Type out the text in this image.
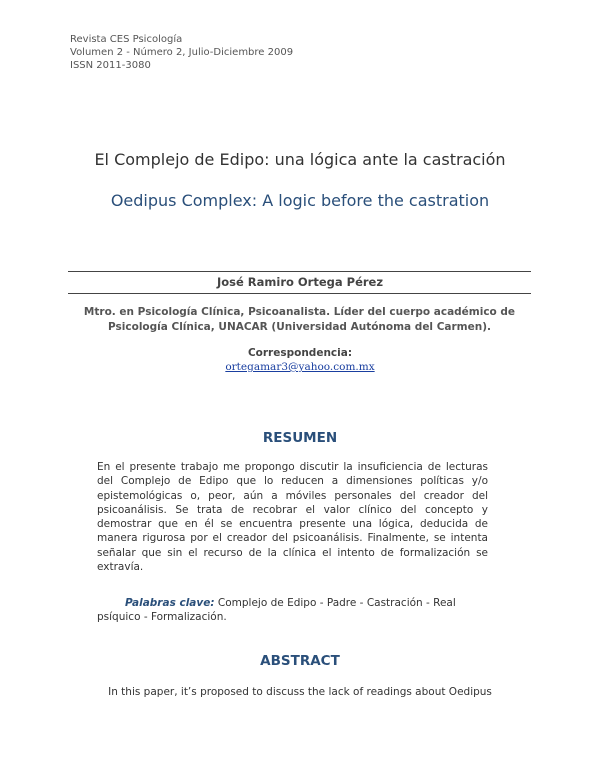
Revista CES Psicología
Volumen 2 - Número 2, Julio-Diciembre 2009
ISSN 2011-3080
El Complejo de Edipo: una lógica ante la castración
Oedipus Complex: A logic before the castration
José Ramiro Ortega Pérez
Mtro. en Psicología Clínica, Psicoanalista. Líder del cuerpo académico de Psicología Clínica, UNACAR (Universidad Autónoma del Carmen).
Correspondencia:
ortegamar3@yahoo.com.mx
RESUMEN
En el presente trabajo me propongo discutir la insuficiencia de lecturas del Complejo de Edipo que lo reducen a dimensiones políticas y/o epistemológicas o, peor, aún a móviles personales del creador del psicoanálisis. Se trata de recobrar el valor clínico del concepto y demostrar que en él se encuentra presente una lógica, deducida de manera rigurosa por el creador del psicoanálisis. Finalmente, se intenta señalar que sin el recurso de la clínica el intento de formalización se extravía.
Palabras clave: Complejo de Edipo - Padre - Castración - Real psíquico - Formalización.
ABSTRACT
In this paper, it’s proposed to discuss the lack of readings about Oedipus
